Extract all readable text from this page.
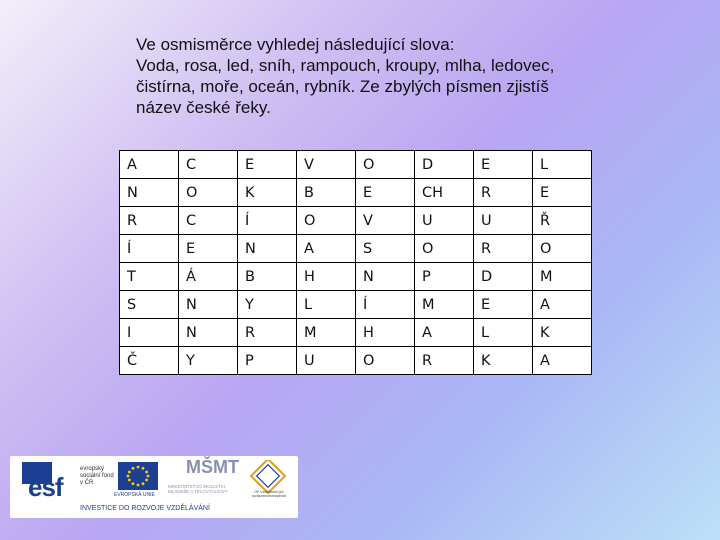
Ve osmisměrce vyhledej následující slova:
Voda, rosa, led, sníh, rampouch, kroupy, mlha, ledovec,
čistírna, moře, oceán, rybník. Ze zbylých písmen zjistíš
název české řeky.
A	C	E	V	O	D	E	L
N	O	K	B	E	CH	R	E
R	C	Í	O	V	U	U	Ř
Í	E	N	A	S	O	R	O
T	Á	B	H	N	P	D	M
S	N	Y	L	Í	M	E	A
I	N	R	M	H	A	L	K
Č	Y	P	U	O	R	K	A
esf
evropský sociální fond v ČR
EVROPSKÁ UNIE
MŠMT
MINISTERSTVO ŠKOLSTVÍ, MLÁDEŽE A TĚLOVÝCHOVY	OP Vzdělávání pro konkurenceschopnost
INVESTICE DO ROZVOJE VZDĚLÁVÁNÍ
